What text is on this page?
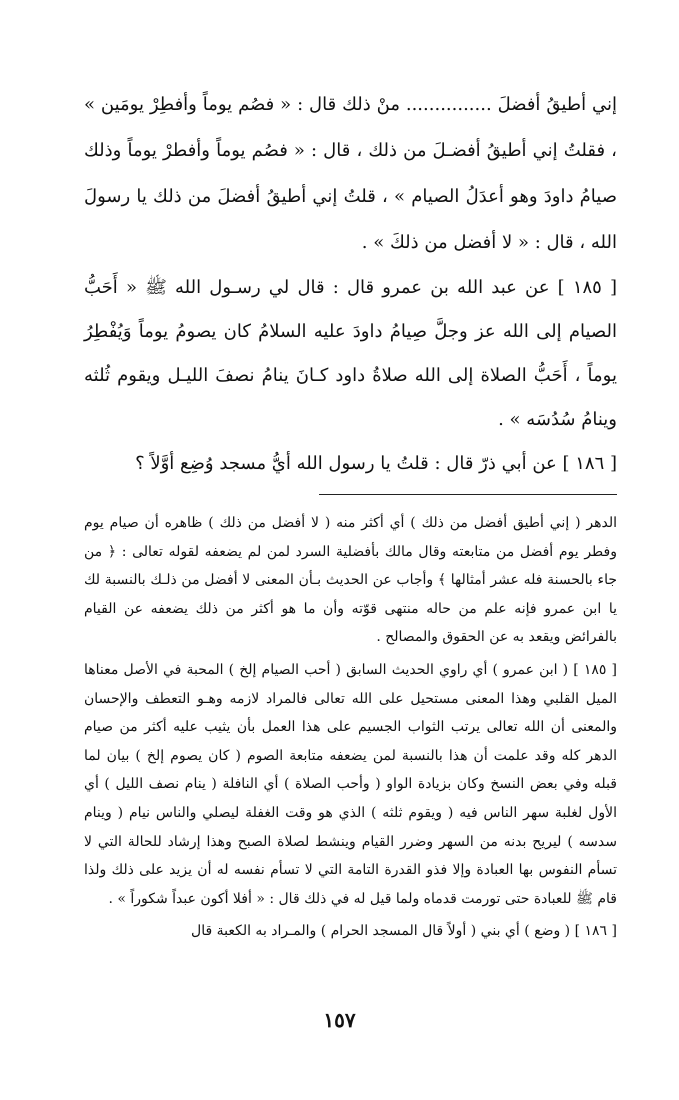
إني أطيقُ أفضلَ ............... منْ ذلك قال : « فصُم يوماً وأفطِرْ يومَين » ، فقلتُ إني أطيقُ أفضـلَ من ذلك ، قال : « فصُم يوماً وأفطرْ يوماً وذلك صيامُ داودَ وهو أعدَلُ الصيام » ، قلتُ إني أطيقُ أفضلَ من ذلك يا رسولَ الله ، قال : « لا أفضل من ذلكَ » .

[ ١٨٥ ] عن عبد الله بن عمرو قال : قال لي رسـول الله ﷺ « أَحَبُّ الصيام إلى الله عز وجلَّ صِيامُ داودَ عليه السلامُ كان يصومُ يوماً وَيُفْطِرُ يوماً ، أَحَبُّ الصلاة إلى الله صلاةُ داود كـانَ ينامُ نصفَ الليـل ويقوم ثُلثه وينامُ سُدُسَه » .

[ ١٨٦ ] عن أبي ذرّ قال : قلتُ يا رسول الله أيُّ مسجد وُضِع أوَّلاً ؟

الدهر ( إني أطيق أفضل من ذلك ) أي أكثر منه ( لا أفضل من ذلك ) ظاهره أن صيام يوم وفطر يوم أفضل من متابعته وقال مالك بأفضلية السرد لمن لم يضعفه لقوله تعالى : ﴿ من جاء بالحسنة فله عشر أمثالها ﴾ وأجاب عن الحديث بـأن المعنى لا أفضل من ذلـك بالنسبة لك يا ابن عمرو فإنه علم من حاله منتهى قوّته وأن ما هو أكثر من ذلك يضعفه عن القيام بالفرائض ويقعد به عن الحقوق والمصالح .

[ ١٨٥ ] ( ابن عمرو ) أي راوي الحديث السابق ( أحب الصيام إلخ ) المحبة في الأصل معناها الميل القلبي وهذا المعنى مستحيل على الله تعالى فالمراد لازمه وهـو التعطف والإحسان والمعنى أن الله تعالى يرتب الثواب الجسيم على هذا العمل بأن يثيب عليه أكثر من صيام الدهر كله وقد علمت أن هذا بالنسبة لمن يضعفه متابعة الصوم ( كان يصوم إلخ ) بيان لما قبله وفي بعض النسخ وكان بزيادة الواو ( وأحب الصلاة ) أي النافلة ( ينام نصف الليل ) أي الأول لغلبة سهر الناس فيه ( ويقوم ثلثه ) الذي هو وقت الغفلة ليصلي والناس نيام ( وينام سدسه ) ليريح بدنه من السهر وضرر القيام وينشط لصلاة الصبح وهذا إرشاد للحالة التي لا تسأم النفوس بها العبادة وإلا فذو القدرة التامة التي لا تسأم نفسه له أن يزيد على ذلك ولذا قام ﷺ للعبادة حتى تورمت قدماه ولما قيل له في ذلك قال : « أفلا أكون عبداً شكوراً » .

[ ١٨٦ ] ( وضع ) أي بني ( أولاً قال المسجد الحرام ) والمـراد به الكعبة قال

١٥٧
